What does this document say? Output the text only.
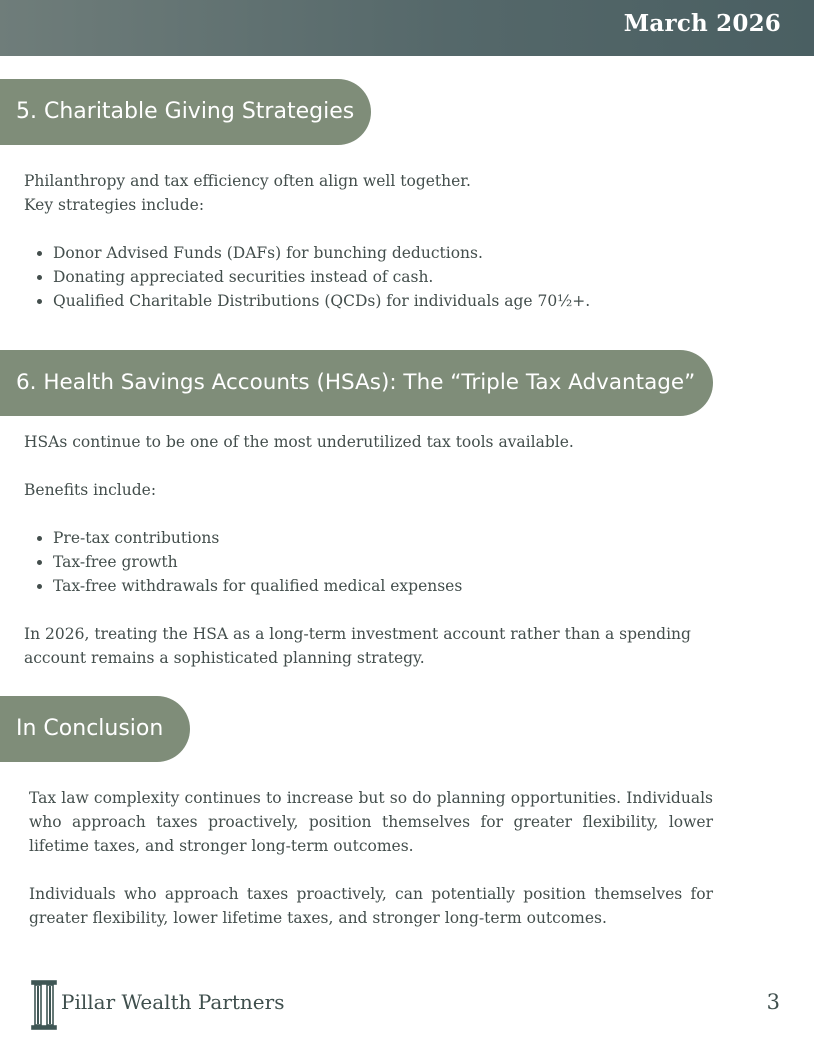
March 2026
5. Charitable Giving Strategies
Philanthropy and tax efficiency often align well together.
Key strategies include:
• Donor Advised Funds (DAFs) for bunching deductions.
• Donating appreciated securities instead of cash.
• Qualified Charitable Distributions (QCDs) for individuals age 70½+.
6. Health Savings Accounts (HSAs): The “Triple Tax Advantage”
HSAs continue to be one of the most underutilized tax tools available.
Benefits include:
• Pre-tax contributions
• Tax-free growth
• Tax-free withdrawals for qualified medical expenses
In 2026, treating the HSA as a long-term investment account rather than a spending account remains a sophisticated planning strategy.
In Conclusion
Tax law complexity continues to increase but so do planning opportunities. Individuals who approach taxes proactively, position themselves for greater flexibility, lower lifetime taxes, and stronger long-term outcomes.
Individuals who approach taxes proactively, can potentially position themselves for greater flexibility, lower lifetime taxes, and stronger long-term outcomes.
Pillar Wealth Partners	3
